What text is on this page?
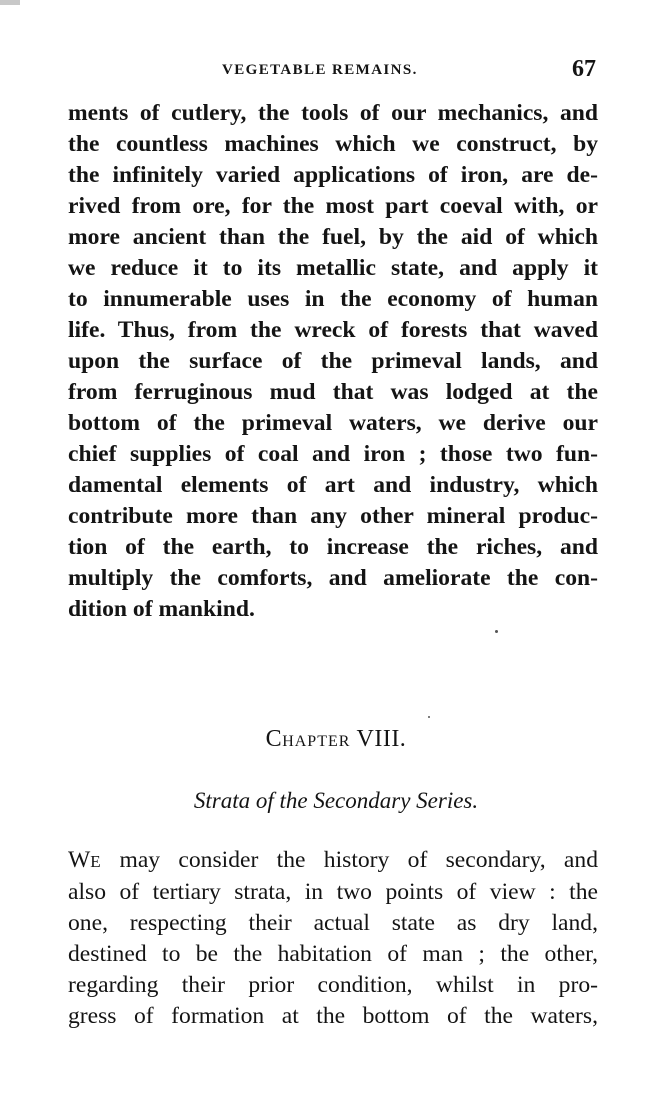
VEGETABLE REMAINS.	67
ments of cutlery, the tools of our mechanics, and
the countless machines which we construct, by
the infinitely varied applications of iron, are de-
rived from ore, for the most part coeval with, or
more ancient than the fuel, by the aid of which
we reduce it to its metallic state, and apply it
to innumerable uses in the economy of human
life. Thus, from the wreck of forests that waved
upon the surface of the primeval lands, and
from ferruginous mud that was lodged at the
bottom of the primeval waters, we derive our
chief supplies of coal and iron ; those two fun-
damental elements of art and industry, which
contribute more than any other mineral produc-
tion of the earth, to increase the riches, and
multiply the comforts, and ameliorate the con-
dition of mankind.
CHAPTER VIII.
Strata of the Secondary Series.
WE may consider the history of secondary, and
also of tertiary strata, in two points of view : the
one, respecting their actual state as dry land,
destined to be the habitation of man ; the other,
regarding their prior condition, whilst in pro-
gress of formation at the bottom of the waters,
